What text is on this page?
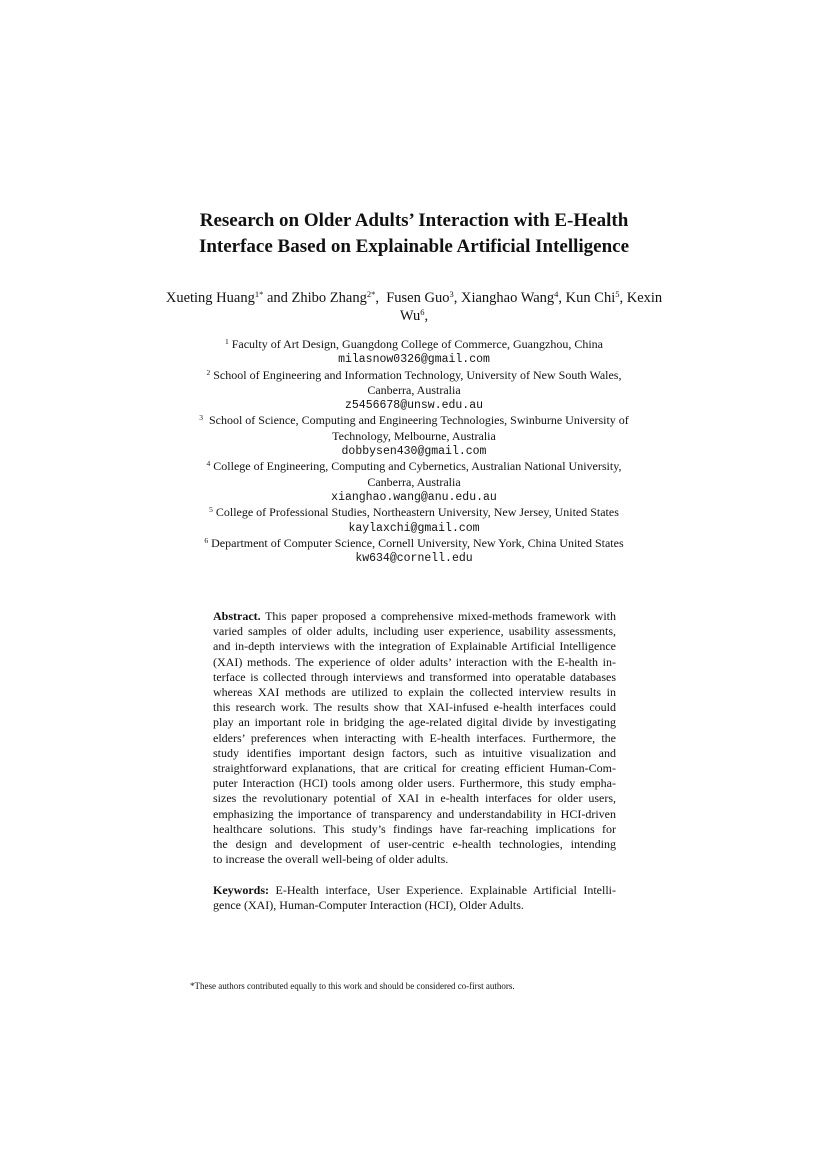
Research on Older Adults’ Interaction with E-Health
Interface Based on Explainable Artificial Intelligence
Xueting Huang$^{1*}$ and Zhibo Zhang$^{2*}$,  Fusen Guo$^3$, Xianghao Wang$^4$, Kun Chi$^5$, Kexin
Wu$^6$,
$^1$ Faculty of Art Design, Guangdong College of Commerce, Guangzhou, China
milasnow0326@gmail.com
$^2$ School of Engineering and Information Technology, University of New South Wales,
Canberra, Australia
z5456678@unsw.edu.au
$^3$ School of Science, Computing and Engineering Technologies, Swinburne University of
Technology, Melbourne, Australia
dobbysen430@gmail.com
$^4$ College of Engineering, Computing and Cybernetics, Australian National University,
Canberra, Australia
xianghao.wang@anu.edu.au
$^5$ College of Professional Studies, Northeastern University, New Jersey, United States
kaylaxchi@gmail.com
$^6$ Department of Computer Science, Cornell University, New York, China United States
kw634@cornell.edu
Abstract. This paper proposed a comprehensive mixed-methods framework with
varied samples of older adults, including user experience, usability assessments,
and in-depth interviews with the integration of Explainable Artificial Intelligence
(XAI) methods. The experience of older adults’ interaction with the E-health in-
terface is collected through interviews and transformed into operatable databases
whereas XAI methods are utilized to explain the collected interview results in
this research work. The results show that XAI-infused e-health interfaces could
play an important role in bridging the age-related digital divide by investigating
elders’ preferences when interacting with E-health interfaces. Furthermore, the
study identifies important design factors, such as intuitive visualization and
straightforward explanations, that are critical for creating efficient Human-Com-
puter Interaction (HCI) tools among older users. Furthermore, this study empha-
sizes the revolutionary potential of XAI in e-health interfaces for older users,
emphasizing the importance of transparency and understandability in HCI-driven
healthcare solutions. This study’s findings have far-reaching implications for
the design and development of user-centric e-health technologies, intending
to increase the overall well-being of older adults.
Keywords: E-Health interface, User Experience. Explainable Artificial Intelli-
gence (XAI), Human-Computer Interaction (HCI), Older Adults.
*These authors contributed equally to this work and should be considered co-first authors.
